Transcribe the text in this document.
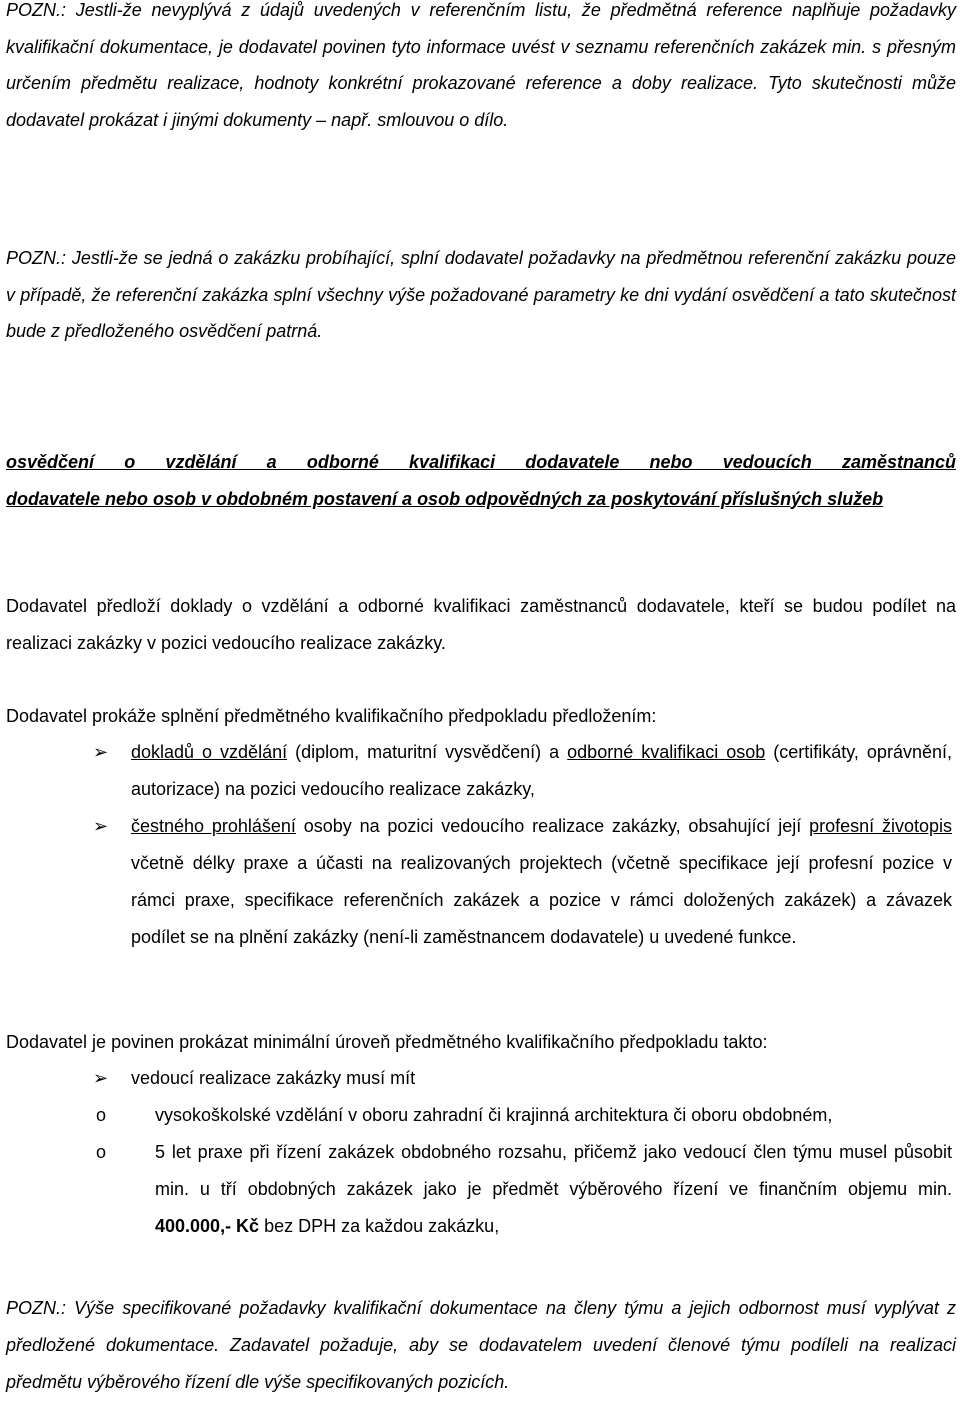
POZN.: Jestli-že nevyplývá z údajů uvedených v referenčním listu, že předmětná reference naplňuje požadavky kvalifikační dokumentace, je dodavatel povinen tyto informace uvést v seznamu referenčních zakázek min. s přesným určením předmětu realizace, hodnoty konkrétní prokazované reference a doby realizace. Tyto skutečnosti může dodavatel prokázat i jinými dokumenty – např. smlouvou o dílo.

POZN.: Jestli-že se jedná o zakázku probíhající, splní dodavatel požadavky na předmětnou referenční zakázku pouze v případě, že referenční zakázka splní všechny výše požadované parametry ke dni vydání osvědčení a tato skutečnost bude z předloženého osvědčení patrná.

osvědčení o vzdělání a odborné kvalifikaci dodavatele nebo vedoucích zaměstnanců
dodavatele nebo osob v obdobném postavení a osob odpovědných za poskytování příslušných služeb

Dodavatel předloží doklady o vzdělání a odborné kvalifikaci zaměstnanců dodavatele, kteří se budou podílet na realizaci zakázky v pozici vedoucího realizace zakázky.

Dodavatel prokáže splnění předmětného kvalifikačního předpokladu předložením:

➢ dokladů o vzdělání (diplom, maturitní vysvědčení) a odborné kvalifikaci osob (certifikáty, oprávnění, autorizace) na pozici vedoucího realizace zakázky,
➢ čestného prohlášení osoby na pozici vedoucího realizace zakázky, obsahující její profesní životopis včetně délky praxe a účasti na realizovaných projektech (včetně specifikace její profesní pozice v rámci praxe, specifikace referenčních zakázek a pozice v rámci doložených zakázek) a závazek podílet se na plnění zakázky (není-li zaměstnancem dodavatele) u uvedené funkce.

Dodavatel je povinen prokázat minimální úroveň předmětného kvalifikačního předpokladu takto:

➢ vedoucí realizace zakázky musí mít
o	vysokoškolské vzdělání v oboru zahradní či krajinná architektura či oboru obdobném,
o	5 let praxe při řízení zakázek obdobného rozsahu, přičemž jako vedoucí člen týmu musel působit min. u tří obdobných zakázek jako je předmět výběrového řízení ve finančním objemu min. 400.000,- Kč bez DPH za každou zakázku,

POZN.: Výše specifikované požadavky kvalifikační dokumentace na členy týmu a jejich odbornost musí vyplývat z předložené dokumentace. Zadavatel požaduje, aby se dodavatelem uvedení členové týmu podíleli na realizaci předmětu výběrového řízení dle výše specifikovaných pozicích.
